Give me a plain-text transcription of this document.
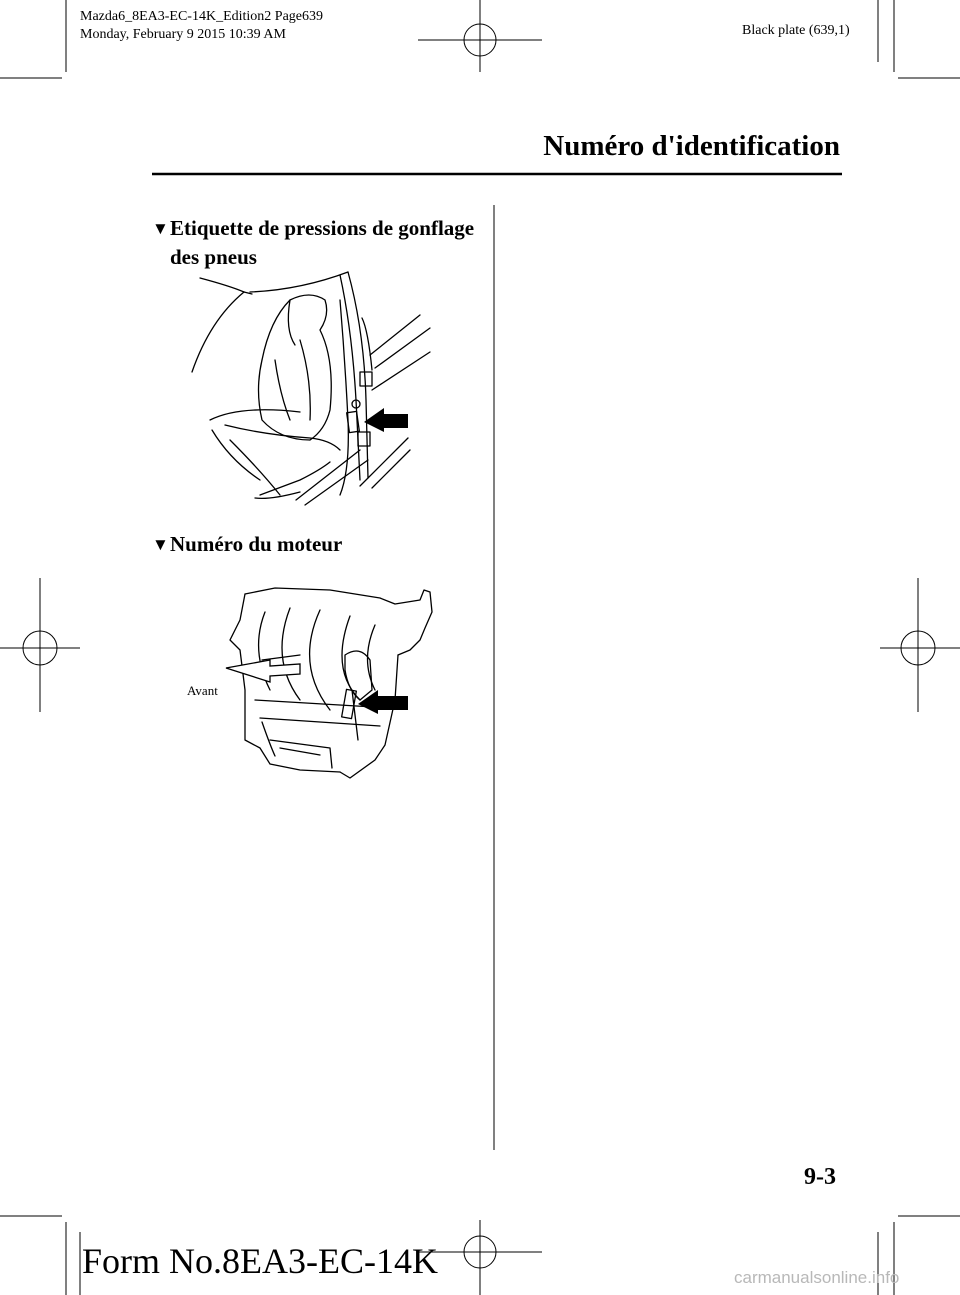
Mazda6_8EA3-EC-14K_Edition2 Page639
Monday, February 9 2015 10:39 AM	Black plate (639,1)
Numéro d'identification
▼Etiquette de pressions de gonflage
des pneus
▼Numéro du moteur
Avant
9-3
Form No.8EA3-EC-14K	carmanualsonline.info
